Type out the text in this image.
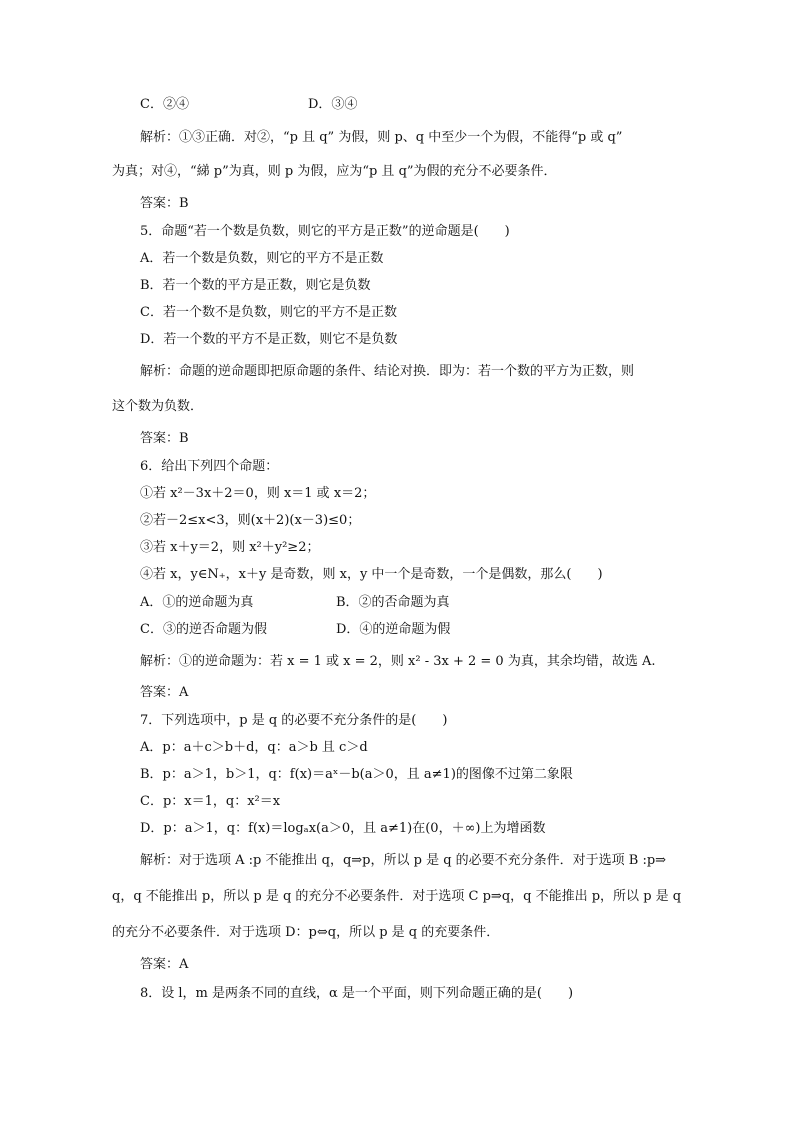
C．②④	D．③④
解析：①③正确．对②，“p 且 q” 为假，则 p、q 中至少一个为假，不能得“p 或 q”
为真；对④，“綈 p”为真，则 p 为假，应为“p 且 q”为假的充分不必要条件．
答案：B
5．命题“若一个数是负数，则它的平方是正数”的逆命题是(　　)
A．若一个数是负数，则它的平方不是正数
B．若一个数的平方是正数，则它是负数
C．若一个数不是负数，则它的平方不是正数
D．若一个数的平方不是正数，则它不是负数
解析：命题的逆命题即把原命题的条件、结论对换．即为：若一个数的平方为正数，则
这个数为负数．
答案：B
6．给出下列四个命题：
①若 x²－3x＋2＝0，则 x＝1 或 x＝2；
②若－2≤x<3，则(x＋2)(x－3)≤0；
③若 x＋y＝2，则 x²＋y²≥2；
④若 x，y∈N₊，x＋y 是奇数，则 x，y 中一个是奇数，一个是偶数，那么(　　)
A．①的逆命题为真	B．②的否命题为真
C．③的逆否命题为假	D．④的逆命题为假
解析：①的逆命题为：若 x = 1 或 x = 2，则 x² - 3x + 2 = 0 为真，其余均错，故选 A.
答案：A
7．下列选项中，p 是 q 的必要不充分条件的是(　　)
A．p：a＋c＞b＋d，q：a＞b 且 c＞d
B．p：a＞1，b＞1，q：f(x)＝aˣ－b(a＞0，且 a≠1)的图像不过第二象限
C．p：x＝1，q：x²＝x
D．p：a＞1，q：f(x)＝logₐx(a＞0，且 a≠1)在(0，＋∞)上为增函数
解析：对于选项 A :p 不能推出 q，q⇒p，所以 p 是 q 的必要不充分条件．对于选项 B :p⇒
q，q 不能推出 p，所以 p 是 q 的充分不必要条件．对于选项 C p⇒q，q 不能推出 p，所以 p 是 q
的充分不必要条件．对于选项 D：p⇔q，所以 p 是 q 的充要条件．
答案：A
8．设 l，m 是两条不同的直线，α 是一个平面，则下列命题正确的是(　　)
